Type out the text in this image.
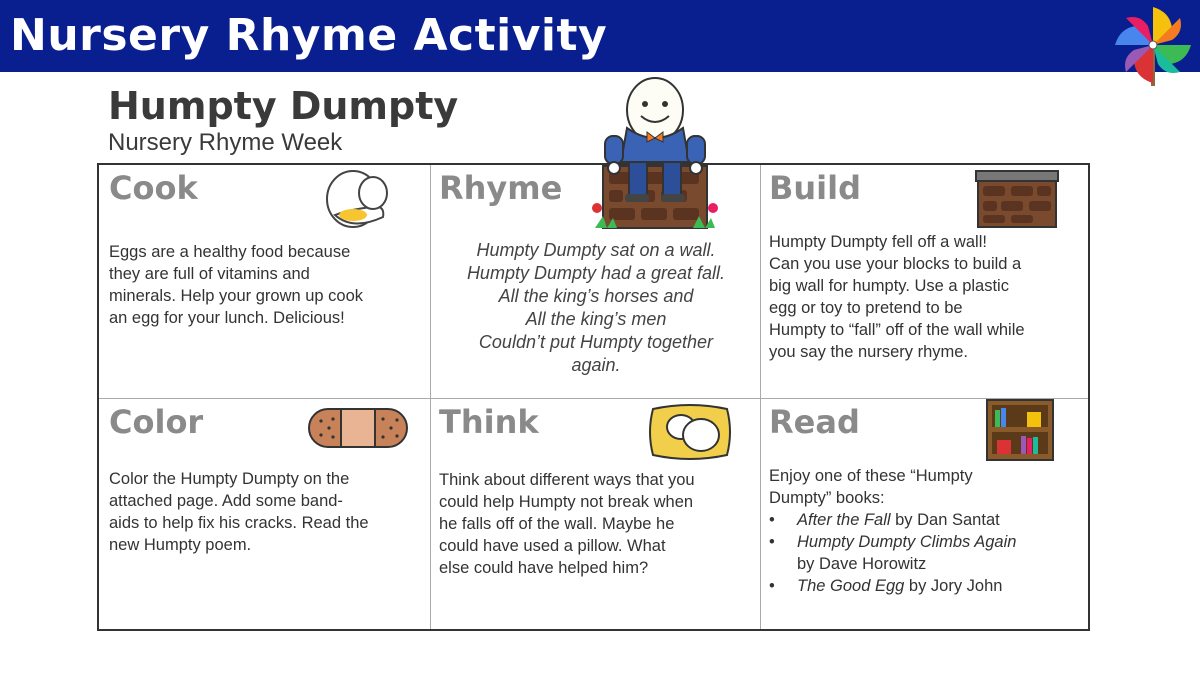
Nursery Rhyme Activity
Humpty Dumpty
Nursery Rhyme Week
Cook
Eggs are a healthy food because
they are full of vitamins and
minerals. Help your grown up cook
an egg for your lunch. Delicious!
Rhyme
Humpty Dumpty sat on a wall.
Humpty Dumpty had a great fall.
All the king’s horses and
All the king’s men
Couldn’t put Humpty together
again.
Build
Humpty Dumpty fell off a wall!
Can you use your blocks to build a
big wall for humpty. Use a plastic
egg or toy to pretend to be
Humpty to “fall” off of the wall while
you say the nursery rhyme.
Color
Color the Humpty Dumpty on the
attached page. Add some band-
aids to help fix his cracks. Read the
new Humpty poem.
Think
Think about different ways that you
could help Humpty not break when
he falls off of the wall. Maybe he
could have used a pillow. What
else could have helped him?
Read
Enjoy one of these “Humpty
Dumpty” books:
• After the Fall by Dan Santat
• Humpty Dumpty Climbs Again
by Dave Horowitz
• The Good Egg by Jory John
